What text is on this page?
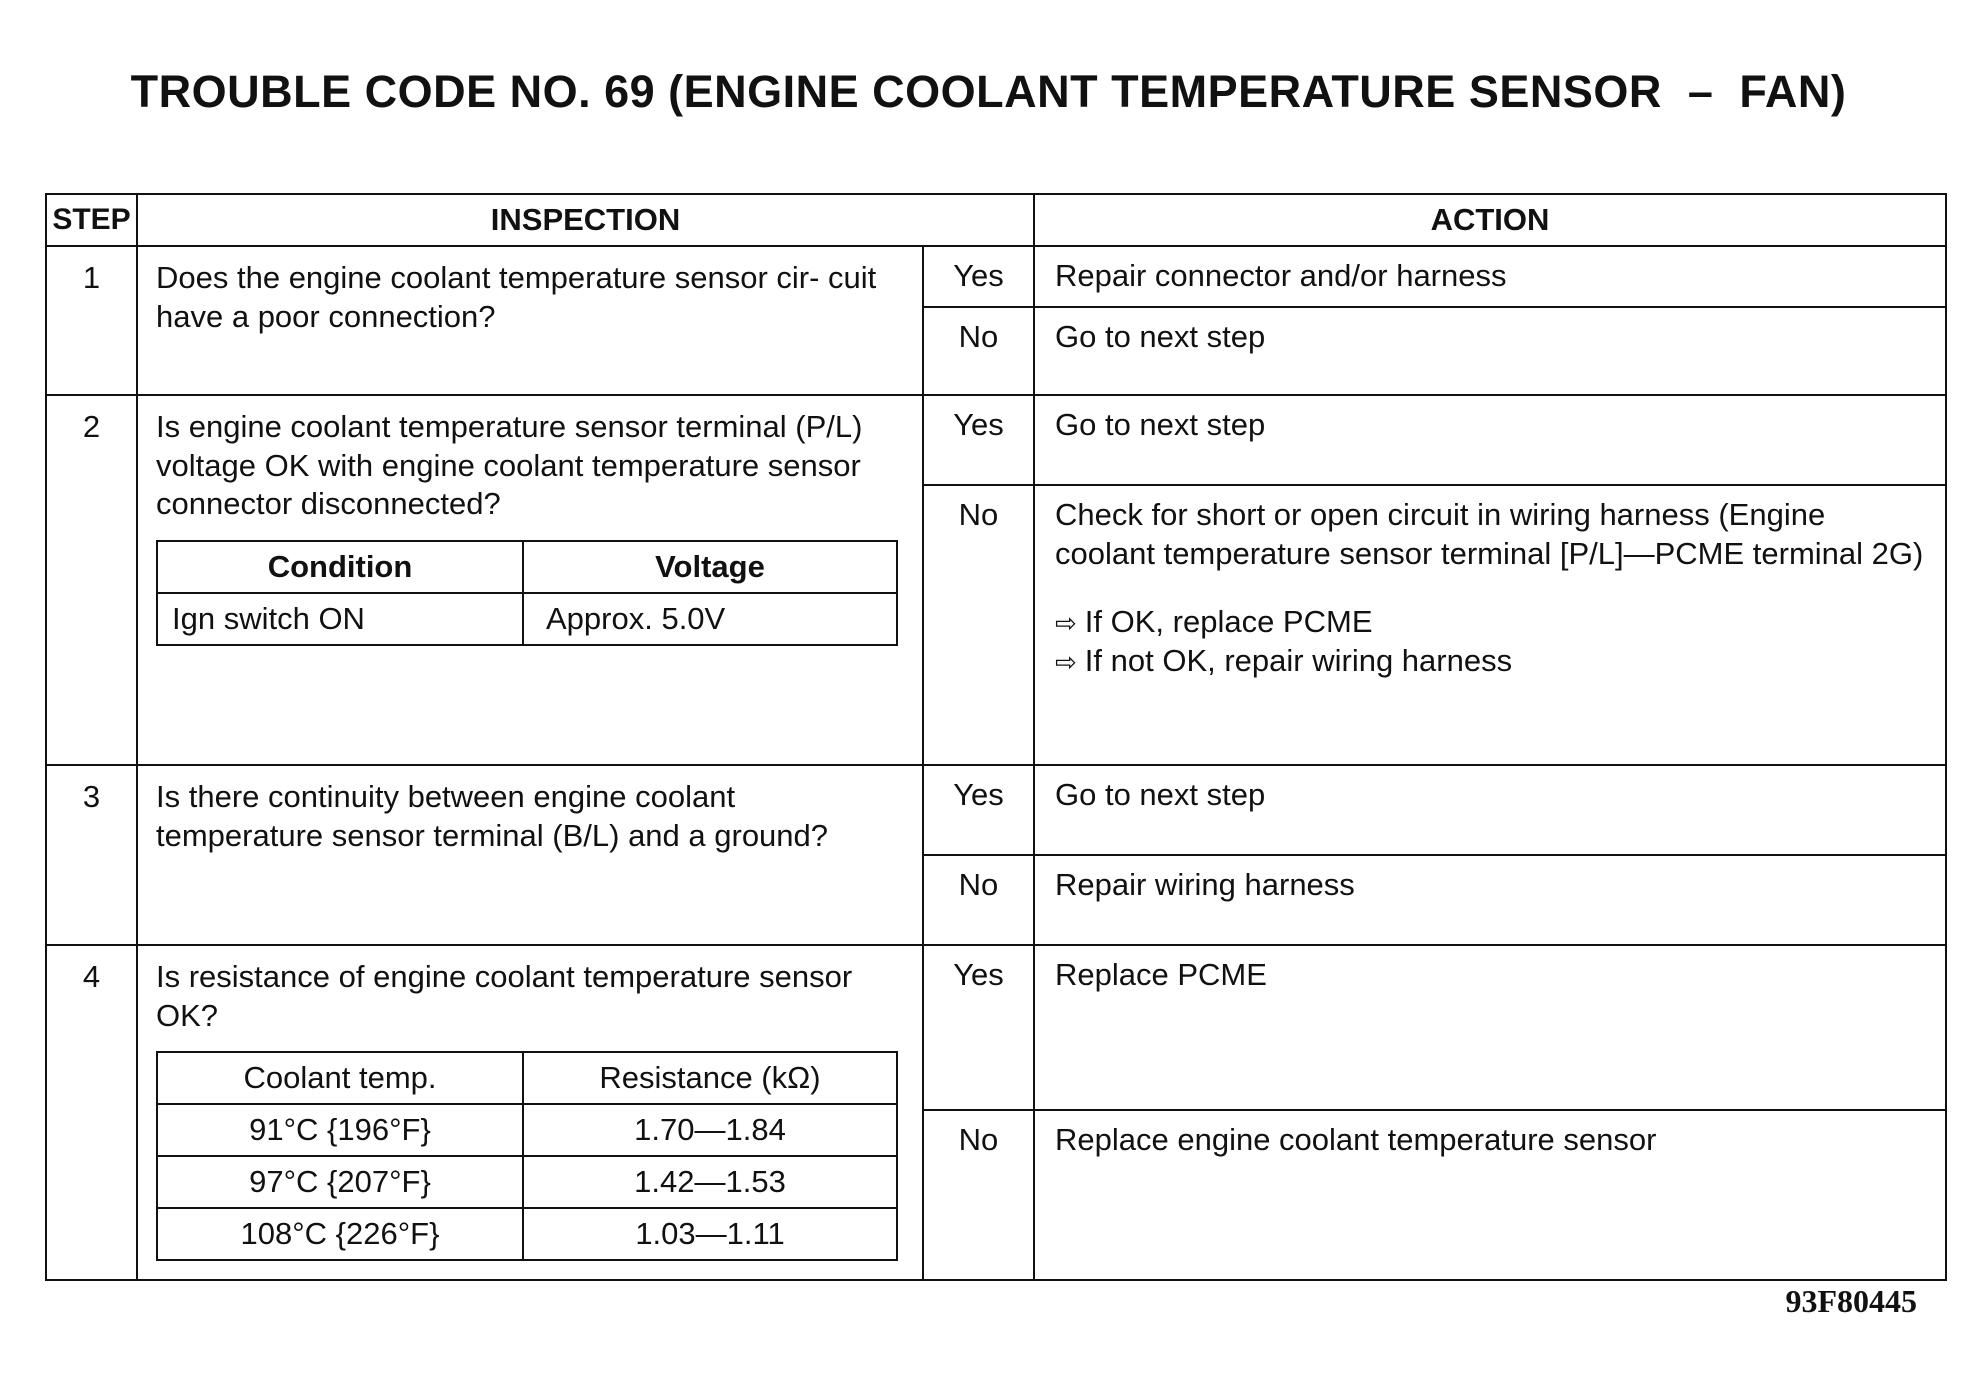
TROUBLE CODE NO. 69 (ENGINE COOLANT TEMPERATURE SENSOR  –  FAN)
STEP	INSPECTION	ACTION
1	Does the engine coolant temperature sensor cir- cuit have a poor connection?
	Yes	Repair connector and/or harness
No	Go to next step
2	Is engine coolant temperature sensor terminal (P/L) voltage OK with engine coolant temperature sensor connector disconnected?
Condition	Voltage
Ign switch ON	Approx. 5.0V
	Yes	Go to next step
No	Check for short or open circuit in wiring harness (Engine coolant temperature sensor terminal [P/L]—PCME terminal 2G)
⇨ If OK, replace PCME
⇨ If not OK, repair wiring harness

3	Is there continuity between engine coolant temperature sensor terminal (B/L) and a ground?
	Yes	Go to next step
No	Repair wiring harness
4	Is resistance of engine coolant temperature sensor OK?
Coolant temp.	Resistance (kΩ)
91°C {196°F}	1.70—1.84
97°C {207°F}	1.42—1.53
108°C {226°F}	1.03—1.11
	Yes	Replace PCME
No	Replace engine coolant temperature sensor
93F80445
